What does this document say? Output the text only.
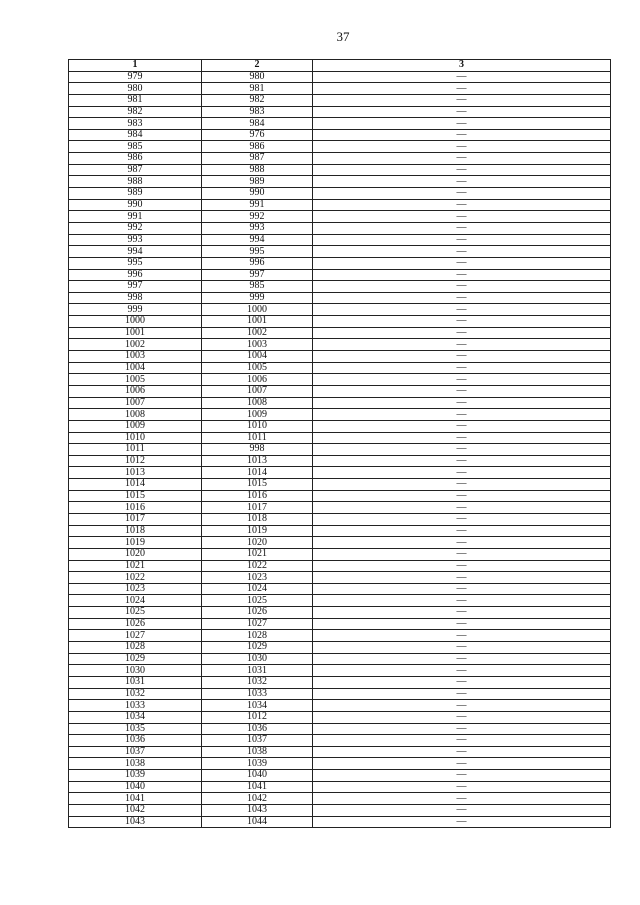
37
1	2	3
979	980	—
980	981	—
981	982	—
982	983	—
983	984	—
984	976	—
985	986	—
986	987	—
987	988	—
988	989	—
989	990	—
990	991	—
991	992	—
992	993	—
993	994	—
994	995	—
995	996	—
996	997	—
997	985	—
998	999	—
999	1000	—
1000	1001	—
1001	1002	—
1002	1003	—
1003	1004	—
1004	1005	—
1005	1006	—
1006	1007	—
1007	1008	—
1008	1009	—
1009	1010	—
1010	1011	—
1011	998	—
1012	1013	—
1013	1014	—
1014	1015	—
1015	1016	—
1016	1017	—
1017	1018	—
1018	1019	—
1019	1020	—
1020	1021	—
1021	1022	—
1022	1023	—
1023	1024	—
1024	1025	—
1025	1026	—
1026	1027	—
1027	1028	—
1028	1029	—
1029	1030	—
1030	1031	—
1031	1032	—
1032	1033	—
1033	1034	—
1034	1012	—
1035	1036	—
1036	1037	—
1037	1038	—
1038	1039	—
1039	1040	—
1040	1041	—
1041	1042	—
1042	1043	—
1043	1044	—
